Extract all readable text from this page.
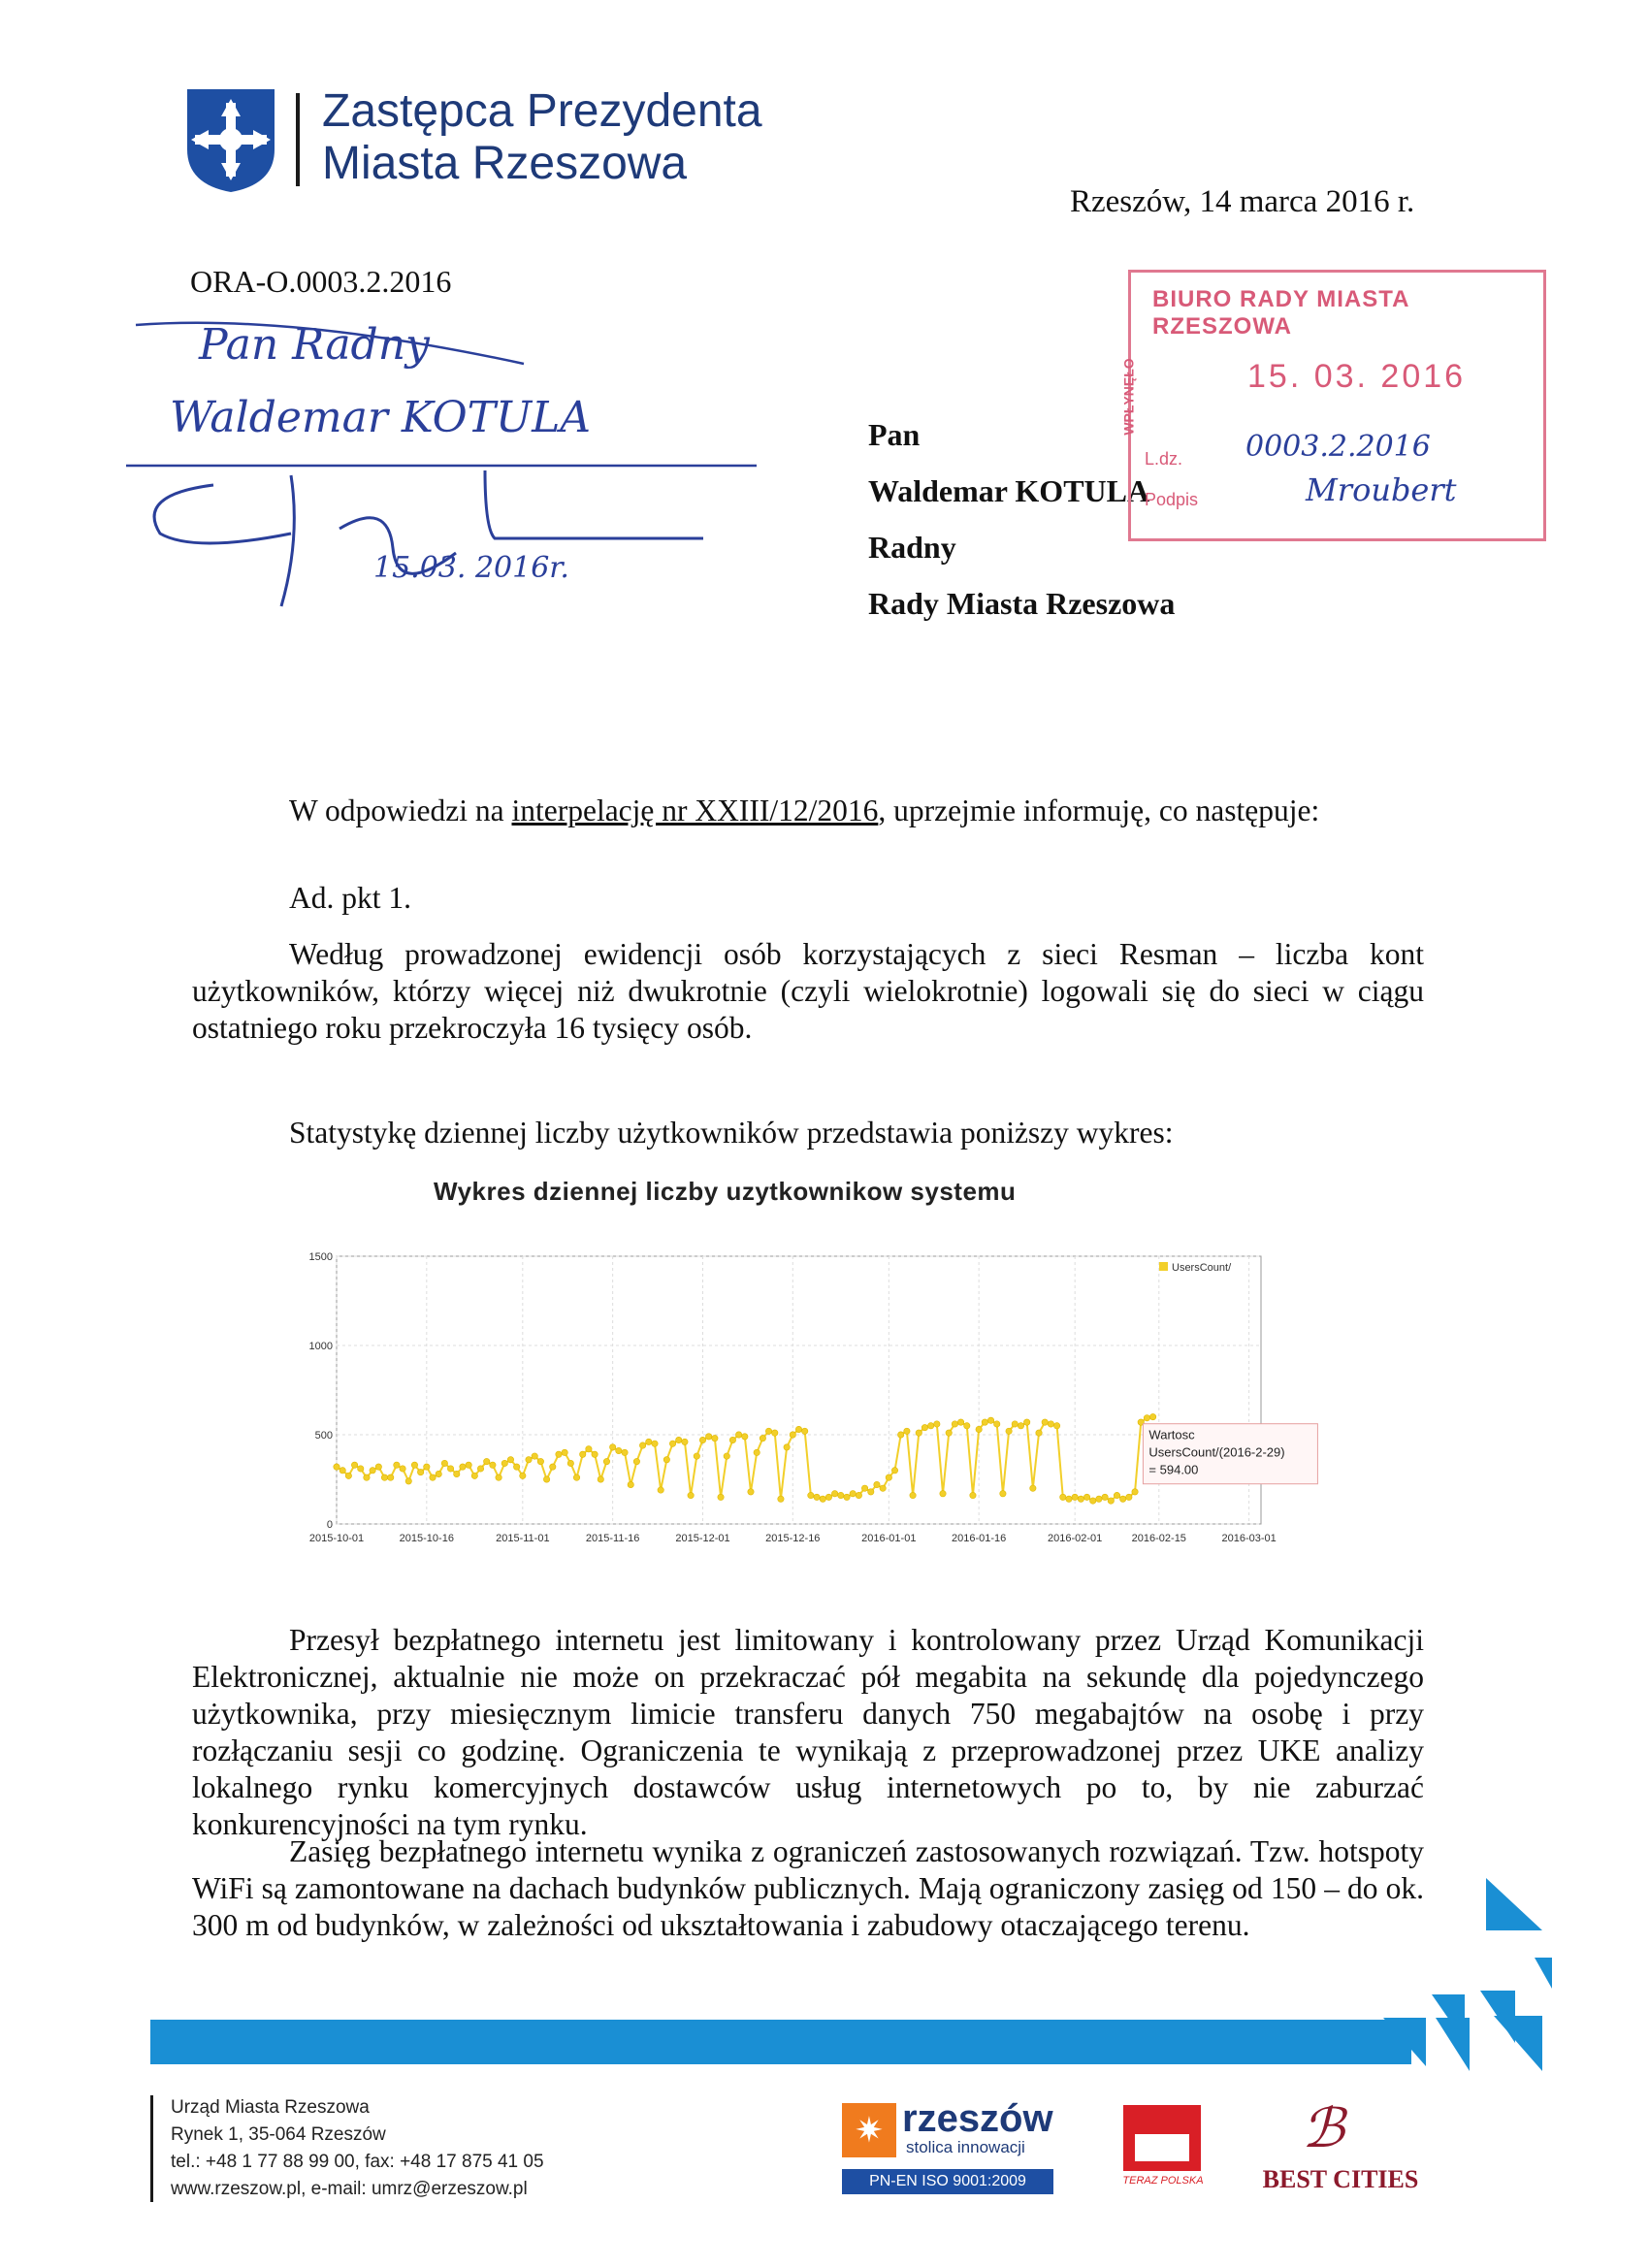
Zastępca Prezydenta
Miasta Rzeszowa
Rzeszów, 14 marca 2016 r.
ORA-O.0003.2.2016
Pan Radny
Waldemar KOTULA
15.03. 2016r.
Pan
Waldemar KOTULA
Radny
Rady Miasta Rzeszowa
BIURO RADY MIASTA RZESZOWA
WPŁYNĘŁO	15. 03. 2016
L.dz. 0003.2.2016
Podpis	Mroubert
W odpowiedzi na interpelację nr XXIII/12/2016, uprzejmie informuję, co następuje:
Ad. pkt 1.

Według prowadzonej ewidencji osób korzystających z sieci Resman – liczba kont użytkowników, którzy więcej niż dwukrotnie (czyli wielokrotnie) logowali się do sieci w ciągu ostatniego roku przekroczyła 16 tysięcy osób.

Statystykę dziennej liczby użytkowników przedstawia poniższy wykres:
Wykres dziennej liczby uzytkownikow systemu
0
500
1000
1500
2015-10-01	2015-10-16	2015-11-01	2015-11-16	2015-12-01	2015-12-16	2016-01-01	2016-01-16	2016-02-01	2016-02-15	2016-03-01
UsersCount/
Wartosc
UsersCount/(2016-2-29)
= 594.00

Przesył bezpłatnego internetu jest limitowany i kontrolowany przez Urząd Komunikacji Elektronicznej, aktualnie nie może on przekraczać pół megabita na sekundę dla pojedynczego użytkownika, przy miesięcznym limicie transferu danych 750 megabajtów na osobę i przy rozłączaniu sesji co godzinę. Ograniczenia te wynikają z przeprowadzonej przez UKE analizy lokalnego rynku komercyjnych dostawców usług internetowych po to, by nie zaburzać konkurencyjności na tym rynku.

Zasięg bezpłatnego internetu wynika z ograniczeń zastosowanych rozwiązań. Tzw. hotspoty WiFi są zamontowane na dachach budynków publicznych. Mają ograniczony zasięg od 150 – do ok. 300 m od budynków, w zależności od ukształtowania i zabudowy otaczającego terenu.

Urząd Miasta Rzeszowa
Rynek 1, 35-064 Rzeszów
tel.: +48 1 77 88 99 00, fax: +48 17 875 41 05
www.rzeszow.pl, e-mail: umrz@erzeszow.pl
✷ rzeszów
stolica innowacji
PN-EN ISO 9001:2009	TERAZ POLSKA
ℬ
BEST CITIES
